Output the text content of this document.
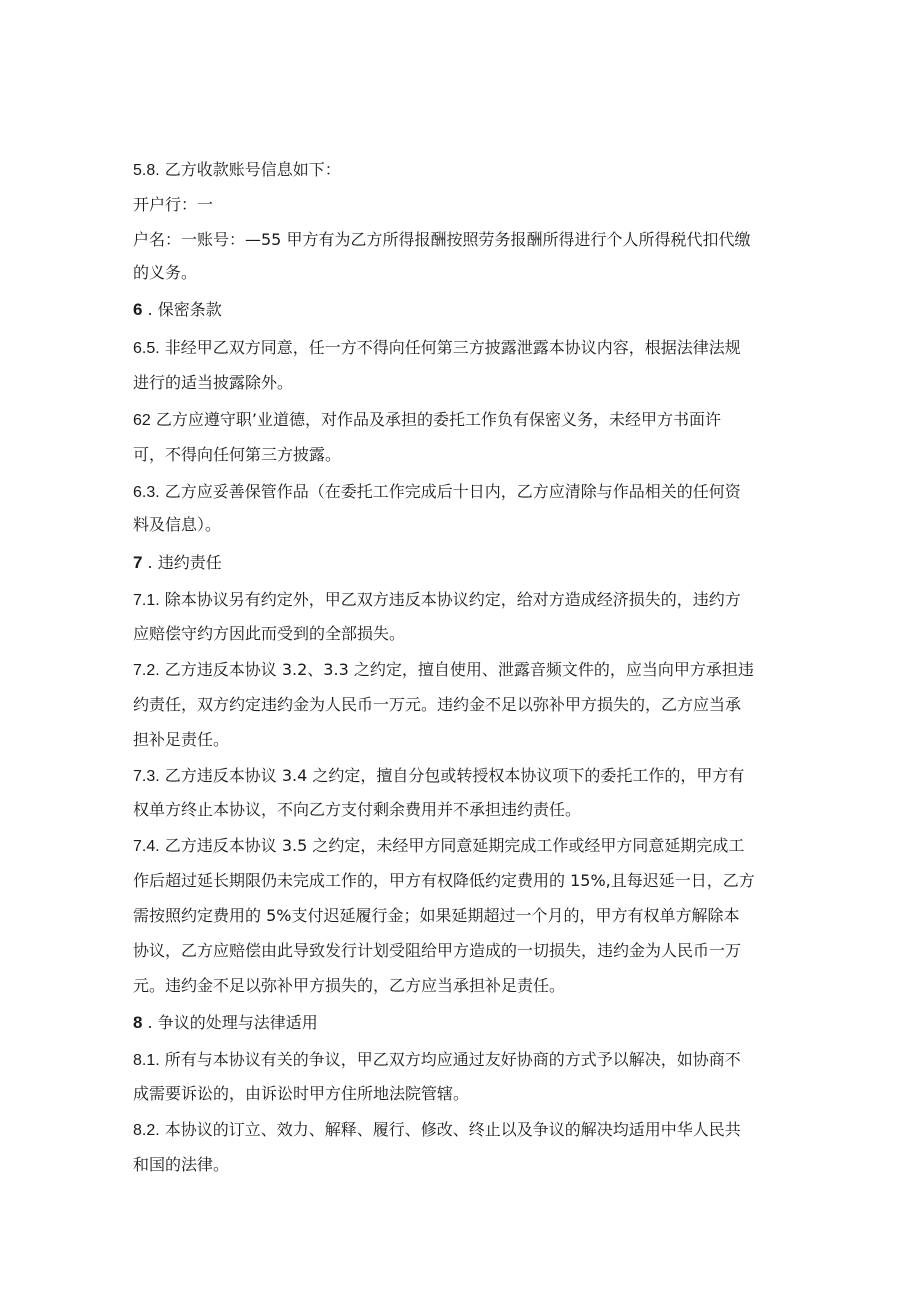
5.8. 乙方收款账号信息如下：

开户行：一

户名：一账号：—55 甲方有为乙方所得报酬按照劳务报酬所得进行个人所得税代扣代缴

的义务。

6 . 保密条款

6.5. 非经甲乙双方同意，任一方不得向任何第三方披露泄露本协议内容，根据法律法规

进行的适当披露除外。

62 乙方应遵守职’业道德，对作品及承担的委托工作负有保密义务，未经甲方书面许

可，不得向任何第三方披露。

6.3. 乙方应妥善保管作品（在委托工作完成后十日内，乙方应清除与作品相关的任何资

料及信息）。

7 . 违约责任

7.1. 除本协议另有约定外，甲乙双方违反本协议约定，给对方造成经济损失的，违约方

应赔偿守约方因此而受到的全部损失。

7.2. 乙方违反本协议 3.2、3.3 之约定，擅自使用、泄露音频文件的，应当向甲方承担违

约责任，双方约定违约金为人民币一万元。违约金不足以弥补甲方损失的，乙方应当承

担补足责任。

7.3. 乙方违反本协议 3.4 之约定，擅自分包或转授权本协议项下的委托工作的，甲方有

权单方终止本协议，不向乙方支付剩余费用并不承担违约责任。

7.4. 乙方违反本协议 3.5 之约定，未经甲方同意延期完成工作或经甲方同意延期完成工

作后超过延长期限仍未完成工作的，甲方有权降低约定费用的 15%,且每迟延一日，乙方

需按照约定费用的 5%支付迟延履行金；如果延期超过一个月的，甲方有权单方解除本

协议，乙方应赔偿由此导致发行计划受阻给甲方造成的一切损失，违约金为人民币一万

元。违约金不足以弥补甲方损失的，乙方应当承担补足责任。

8 . 争议的处理与法律适用

8.1. 所有与本协议有关的争议，甲乙双方均应通过友好协商的方式予以解决，如协商不

成需要诉讼的，由诉讼时甲方住所地法院管辖。

8.2. 本协议的订立、效力、解释、履行、修改、终止以及争议的解决均适用中华人民共

和国的法律。
